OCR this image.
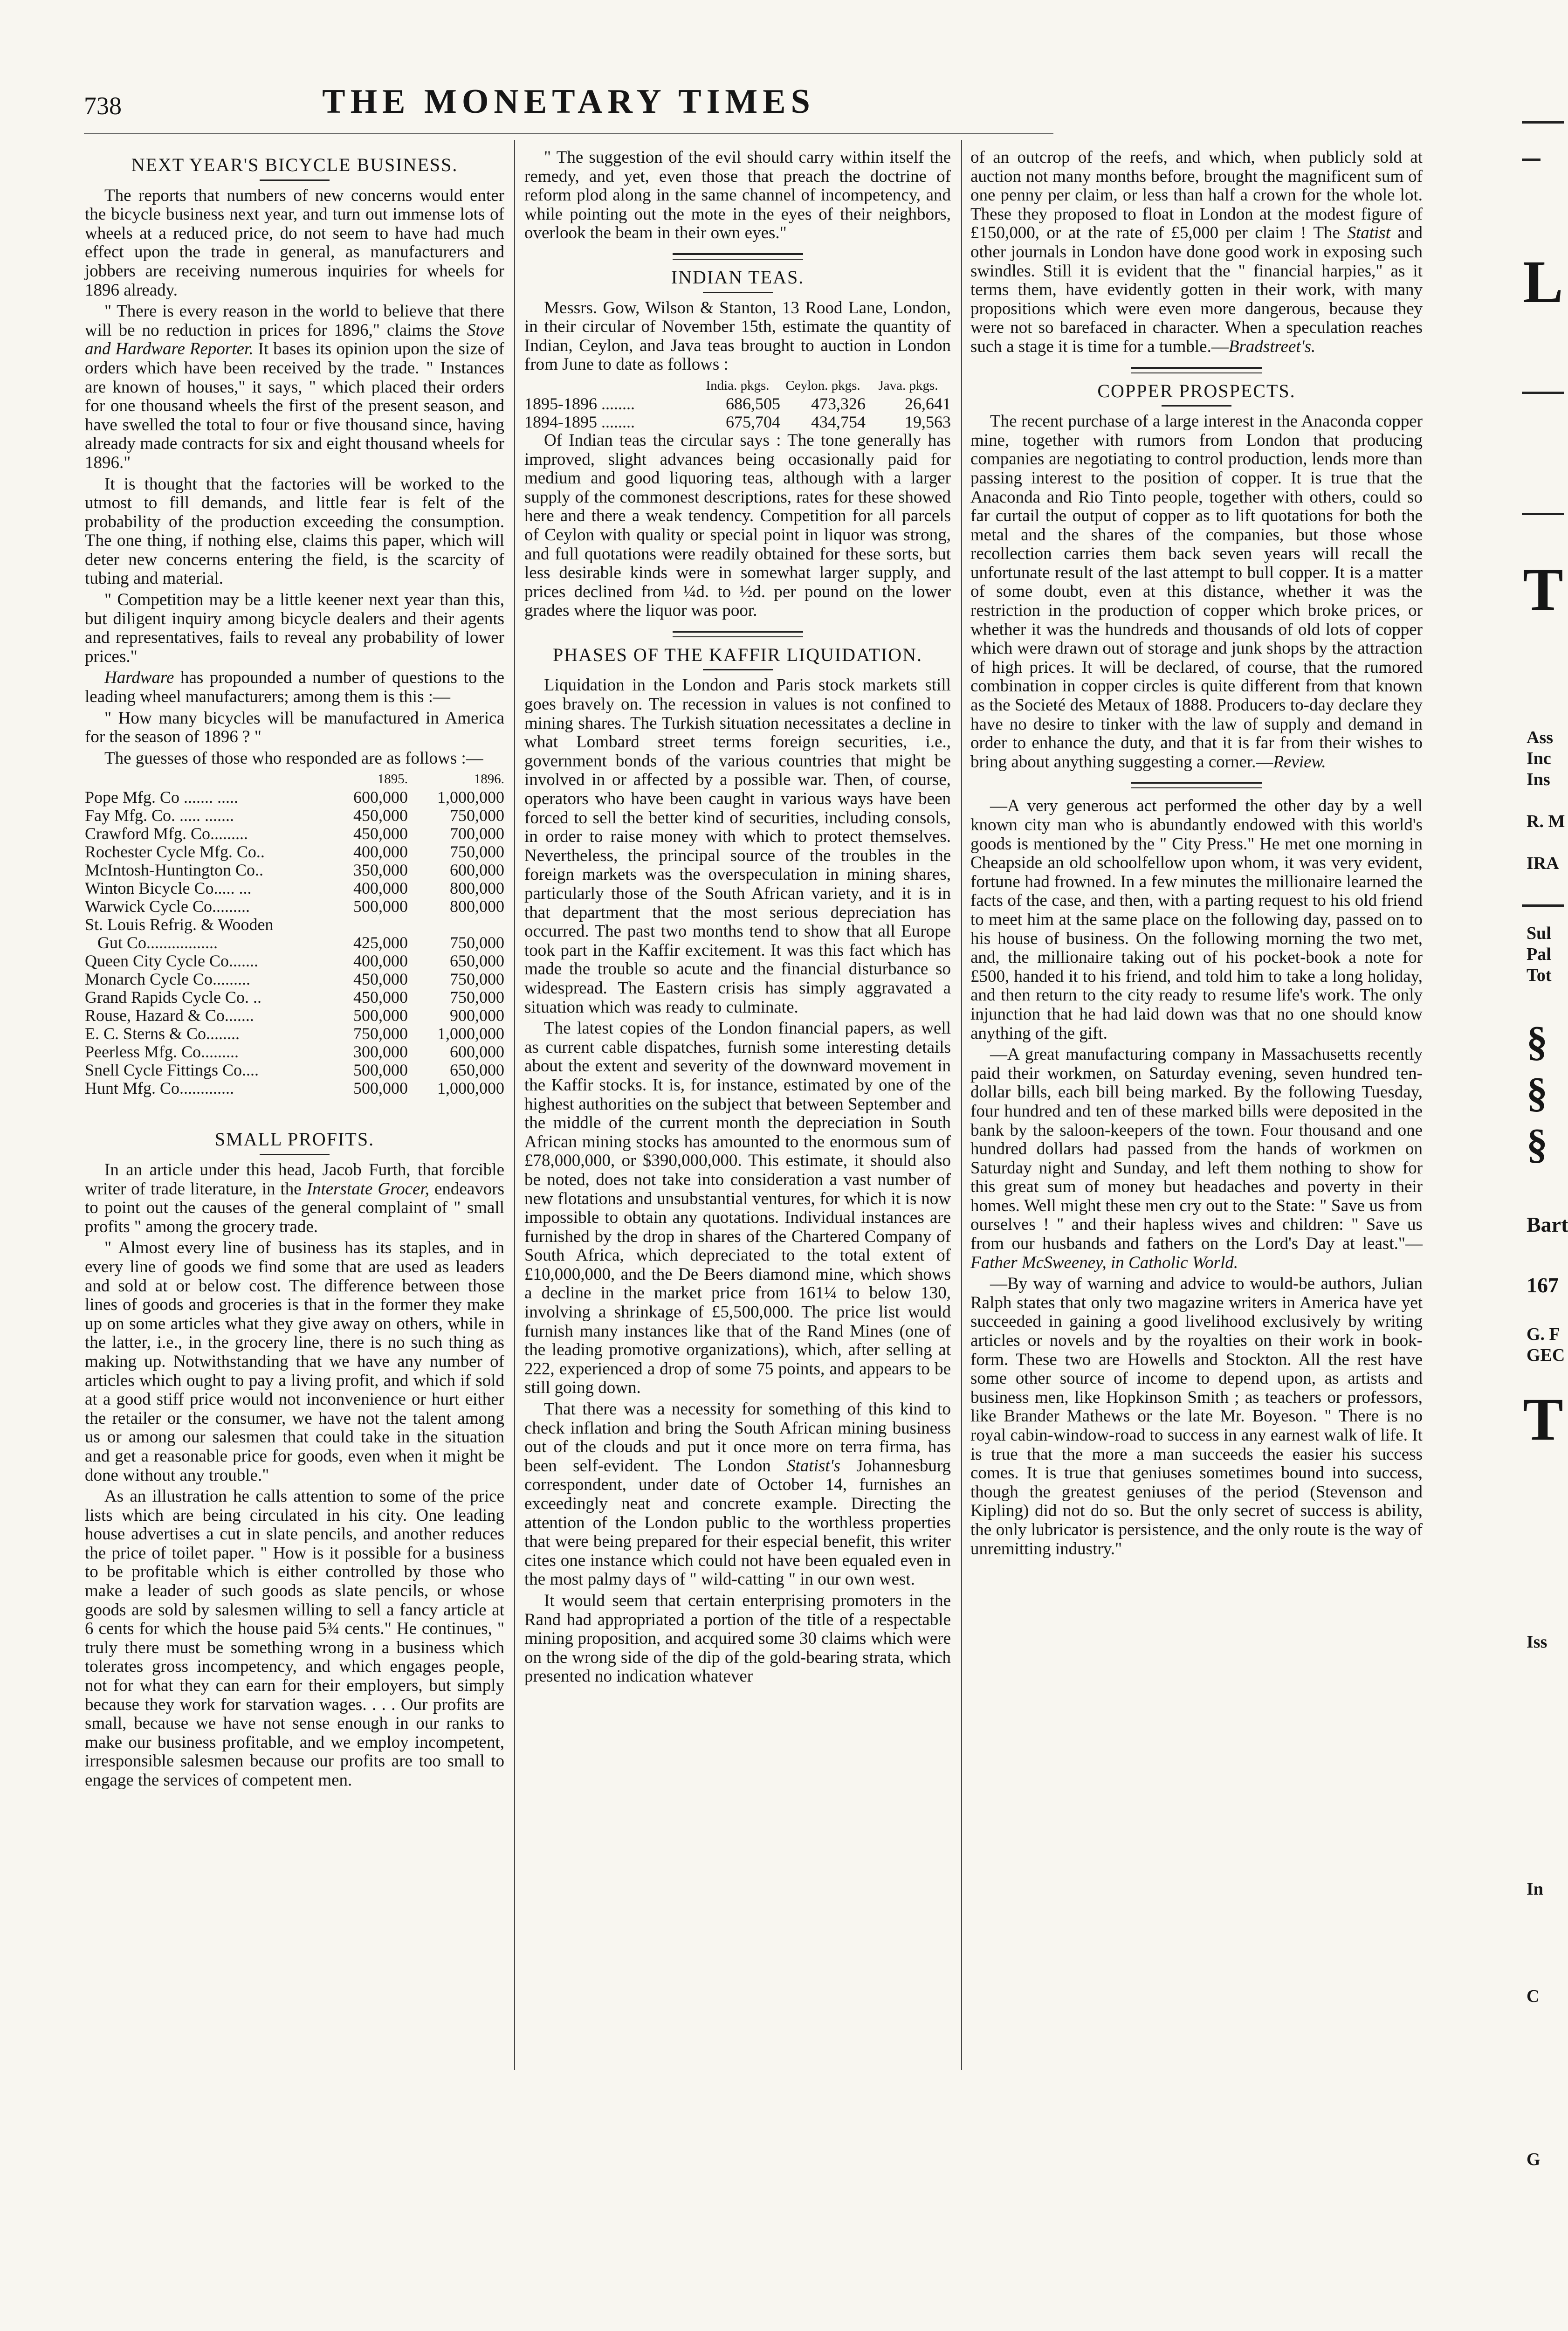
738	THE MONETARY TIMES
NEXT YEAR'S BICYCLE BUSINESS.

The reports that numbers of new concerns would enter the bicycle business next year, and turn out immense lots of wheels at a reduced price, do not seem to have had much effect upon the trade in general, as manufacturers and jobbers are receiving numerous inquiries for wheels for 1896 already.

" There is every reason in the world to believe that there will be no reduction in prices for 1896," claims the Stove and Hardware Reporter. It bases its opinion upon the size of orders which have been received by the trade. " Instances are known of houses," it says, " which placed their orders for one thousand wheels the first of the present season, and have swelled the total to four or five thousand since, having already made contracts for six and eight thousand wheels for 1896."

It is thought that the factories will be worked to the utmost to fill demands, and little fear is felt of the probability of the production exceeding the consumption. The one thing, if nothing else, claims this paper, which will deter new concerns entering the field, is the scarcity of tubing and material.

" Competition may be a little keener next year than this, but diligent inquiry among bicycle dealers and their agents and representatives, fails to reveal any probability of lower prices."

Hardware has propounded a number of questions to the leading wheel manufacturers; among them is this :—

" How many bicycles will be manufactured in America for the season of 1896 ? "

The guesses of those who responded are as follows :—

	1895.	1896.
Pope Mfg. Co ....... .....	600,000	1,000,000
Fay Mfg. Co. ..... .......	450,000	750,000
Crawford Mfg. Co.........	450,000	700,000
Rochester Cycle Mfg. Co..	400,000	750,000
McIntosh-Huntington Co..	350,000	600,000
Winton Bicycle Co..... ...	400,000	800,000
Warwick Cycle Co.........	500,000	800,000
St. Louis Refrig. & Wooden		
Gut Co.................	425,000	750,000
Queen City Cycle Co.......	400,000	650,000
Monarch Cycle Co.........	450,000	750,000
Grand Rapids Cycle Co. ..	450,000	750,000
Rouse, Hazard & Co.......	500,000	900,000
E. C. Sterns & Co........	750,000	1,000,000
Peerless Mfg. Co.........	300,000	600,000
Snell Cycle Fittings Co....	500,000	650,000
Hunt Mfg. Co.............	500,000	1,000,000
SMALL PROFITS.

In an article under this head, Jacob Furth, that forcible writer of trade literature, in the Interstate Grocer, endeavors to point out the causes of the general complaint of " small profits " among the grocery trade.

" Almost every line of business has its staples, and in every line of goods we find some that are used as leaders and sold at or below cost. The difference between those lines of goods and groceries is that in the former they make up on some articles what they give away on others, while in the latter, i.e., in the grocery line, there is no such thing as making up. Notwithstanding that we have any number of articles which ought to pay a living profit, and which if sold at a good stiff price would not inconvenience or hurt either the retailer or the consumer, we have not the talent among us or among our salesmen that could take in the situation and get a reasonable price for goods, even when it might be done without any trouble."

As an illustration he calls attention to some of the price lists which are being circulated in his city. One leading house advertises a cut in slate pencils, and another reduces the price of toilet paper. " How is it possible for a business to be profitable which is either controlled by those who make a leader of such goods as slate pencils, or whose goods are sold by salesmen willing to sell a fancy article at 6 cents for which the house paid 5¾ cents." He continues, " truly there must be something wrong in a business which tolerates gross incompetency, and which engages people, not for what they can earn for their employers, but simply because they work for starvation wages. . . . Our profits are small, because we have not sense enough in our ranks to make our business profitable, and we employ incompetent, irresponsible salesmen because our profits are too small to engage the services of competent men.

" The suggestion of the evil should carry within itself the remedy, and yet, even those that preach the doctrine of reform plod along in the same channel of incompetency, and while pointing out the mote in the eyes of their neighbors, overlook the beam in their own eyes."

INDIAN TEAS.

Messrs. Gow, Wilson & Stanton, 13 Rood Lane, London, in their circular of November 15th, estimate the quantity of Indian, Ceylon, and Java teas brought to auction in London from June to date as follows :

	India. pkgs.	Ceylon. pkgs.	Java. pkgs.
1895-1896 ........	686,505	473,326	26,641
1894-1895 ........	675,704	434,754	19,563

Of Indian teas the circular says : The tone generally has improved, slight advances being occasionally paid for medium and good liquoring teas, although with a larger supply of the commonest descriptions, rates for these showed here and there a weak tendency. Competition for all parcels of Ceylon with quality or special point in liquor was strong, and full quotations were readily obtained for these sorts, but less desirable kinds were in somewhat larger supply, and prices declined from ¼d. to ½d. per pound on the lower grades where the liquor was poor.

PHASES OF THE KAFFIR LIQUIDATION.

Liquidation in the London and Paris stock markets still goes bravely on. The recession in values is not confined to mining shares. The Turkish situation necessitates a decline in what Lombard street terms foreign securities, i.e., government bonds of the various countries that might be involved in or affected by a possible war. Then, of course, operators who have been caught in various ways have been forced to sell the better kind of securities, including consols, in order to raise money with which to protect themselves. Nevertheless, the principal source of the troubles in the foreign markets was the overspeculation in mining shares, particularly those of the South African variety, and it is in that department that the most serious depreciation has occurred. The past two months tend to show that all Europe took part in the Kaffir excitement. It was this fact which has made the trouble so acute and the financial disturbance so widespread. The Eastern crisis has simply aggravated a situation which was ready to culminate.

The latest copies of the London financial papers, as well as current cable dispatches, furnish some interesting details about the extent and severity of the downward movement in the Kaffir stocks. It is, for instance, estimated by one of the highest authorities on the subject that between September and the middle of the current month the depreciation in South African mining stocks has amounted to the enormous sum of £78,000,000, or $390,000,000. This estimate, it should also be noted, does not take into consideration a vast number of new flotations and unsubstantial ventures, for which it is now impossible to obtain any quotations. Individual instances are furnished by the drop in shares of the Chartered Company of South Africa, which depreciated to the total extent of £10,000,000, and the De Beers diamond mine, which shows a decline in the market price from 161¼ to below 130, involving a shrinkage of £5,500,000. The price list would furnish many instances like that of the Rand Mines (one of the leading promotive organizations), which, after selling at 222, experienced a drop of some 75 points, and appears to be still going down.

That there was a necessity for something of this kind to check inflation and bring the South African mining business out of the clouds and put it once more on terra firma, has been self-evident. The London Statist's Johannesburg correspondent, under date of October 14, furnishes an exceedingly neat and concrete example. Directing the attention of the London public to the worthless properties that were being prepared for their especial benefit, this writer cites one instance which could not have been equaled even in the most palmy days of " wild-catting " in our own west.

It would seem that certain enterprising promoters in the Rand had appropriated a portion of the title of a respectable mining proposition, and acquired some 30 claims which were on the wrong side of the dip of the gold-bearing strata, which presented no indication whatever

of an outcrop of the reefs, and which, when publicly sold at auction not many months before, brought the magnificent sum of one penny per claim, or less than half a crown for the whole lot. These they proposed to float in London at the modest figure of £150,000, or at the rate of £5,000 per claim ! The Statist and other journals in London have done good work in exposing such swindles. Still it is evident that the " financial harpies," as it terms them, have evidently gotten in their work, with many propositions which were even more dangerous, because they were not so barefaced in character. When a speculation reaches such a stage it is time for a tumble.—Bradstreet's.

COPPER PROSPECTS.

The recent purchase of a large interest in the Anaconda copper mine, together with rumors from London that producing companies are negotiating to control production, lends more than passing interest to the position of copper. It is true that the Anaconda and Rio Tinto people, together with others, could so far curtail the output of copper as to lift quotations for both the metal and the shares of the companies, but those whose recollection carries them back seven years will recall the unfortunate result of the last attempt to bull copper. It is a matter of some doubt, even at this distance, whether it was the restriction in the production of copper which broke prices, or whether it was the hundreds and thousands of old lots of copper which were drawn out of storage and junk shops by the attraction of high prices. It will be declared, of course, that the rumored combination in copper circles is quite different from that known as the Societé des Metaux of 1888. Producers to-day declare they have no desire to tinker with the law of supply and demand in order to enhance the duty, and that it is far from their wishes to bring about anything suggesting a corner.—Review.

—A very generous act performed the other day by a well known city man who is abundantly endowed with this world's goods is mentioned by the " City Press." He met one morning in Cheapside an old schoolfellow upon whom, it was very evident, fortune had frowned. In a few minutes the millionaire learned the facts of the case, and then, with a parting request to his old friend to meet him at the same place on the following day, passed on to his house of business. On the following morning the two met, and, the millionaire taking out of his pocket-book a note for £500, handed it to his friend, and told him to take a long holiday, and then return to the city ready to resume life's work. The only injunction that he had laid down was that no one should know anything of the gift.

—A great manufacturing company in Massachusetts recently paid their workmen, on Saturday evening, seven hundred ten-dollar bills, each bill being marked. By the following Tuesday, four hundred and ten of these marked bills were deposited in the bank by the saloon-keepers of the town. Four thousand and one hundred dollars had passed from the hands of workmen on Saturday night and Sunday, and left them nothing to show for this great sum of money but headaches and poverty in their homes. Well might these men cry out to the State: " Save us from ourselves ! " and their hapless wives and children: " Save us from our husbands and fathers on the Lord's Day at least."—Father McSweeney, in Catholic World.

—By way of warning and advice to would-be authors, Julian Ralph states that only two magazine writers in America have yet succeeded in gaining a good livelihood exclusively by writing articles or novels and by the royalties on their work in book-form. These two are Howells and Stockton. All the rest have some other source of income to depend upon, as artists and business men, like Hopkinson Smith ; as teachers or professors, like Brander Mathews or the late Mr. Boyeson. " There is no royal cabin-window-road to success in any earnest walk of life. It is true that the more a man succeeds the easier his success comes. It is true that geniuses sometimes bound into success, though the greatest geniuses of the period (Stevenson and Kipling) did not do so. But the only secret of success is ability, the only lubricator is persistence, and the only route is the way of unremitting industry."

L
T
Ass
Inc
Ins
R. M
IRA
Sul
Pal
Tot
§
§
§
Bart
167
G. F
GEC
T
Iss
In
C
G
